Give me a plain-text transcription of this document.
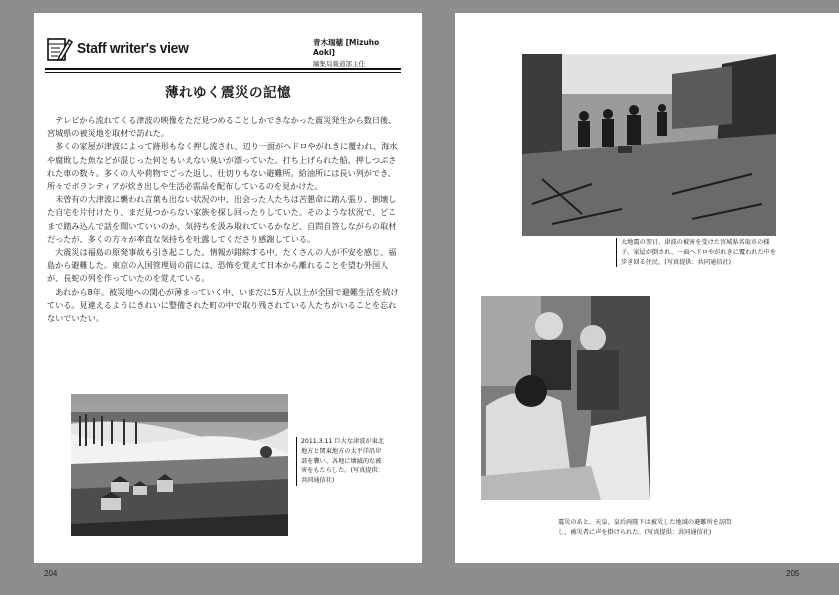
Staff writer's view	青木瑞穂 [Mizuho Aoki]
編集局報道部主任
薄れゆく震災の記憶

テレビから流れてくる津波の映像をただ見つめることしかできなかった震災発生から数日後、宮城県の被災地を取材で訪れた。

多くの家屋が津波によって跡形もなく押し流され、辺り一面がヘドロやがれきに覆われ、海水や腐敗した魚などが混じった何ともいえない臭いが漂っていた。打ち上げられた船、押しつぶされた車の数々。多くの人や荷物でごった返し、仕切りもない避難所。給油所には長い列ができ、所々でボランティアが炊き出しや生活必需品を配布しているのを見かけた。

未曽有の大津波に襲われ言葉も出ない状況の中、出会った人たちは苦懇命に踏ん張り、倒壊した自宅を片付けたり、まだ見つからない家族を探し回ったりしていた。そのような状況で、どこまで踏み込んで話を聞いていいのか、気持ちを汲み取れているかなど、自問自答しながらの取材だったが、多くの方々が率直な気持ちを吐露してくださり感謝している。

大震災は福島の原発事故も引き起こした。情報が錯綜する中、たくさんの人が不安を感じ、福島から避難した。東京の入国管理局の前には、恐怖を覚えて日本から離れることを望む外国人が、長蛇の列を作っていたのを覚えている。

あれから8年。被災地への関心が薄まっていく中、いまだに5万人以上が全国で避難生活を続けている。見違えるようにきれいに整備された町の中で取り残されている人たちがいることを忘れないでいたい。

2011.3.11 巨大な津波が東北地方と関東地方の太平洋沿岸部を襲い、各地に壊滅的な被害をもたらした。(写真提供：共同通信社)
204
大地震の翌日、津波の被害を受けた宮城県名取市の様子。家屋が倒され、一面ヘドロやがれきに覆われた中を歩き回る住民。(写真提供：共同通信社)
震災のあと、天皇、皇后両陛下は被災した地域の避難所を訪問し、被災者に声を掛けられた。(写真提供：共同通信社)
205
